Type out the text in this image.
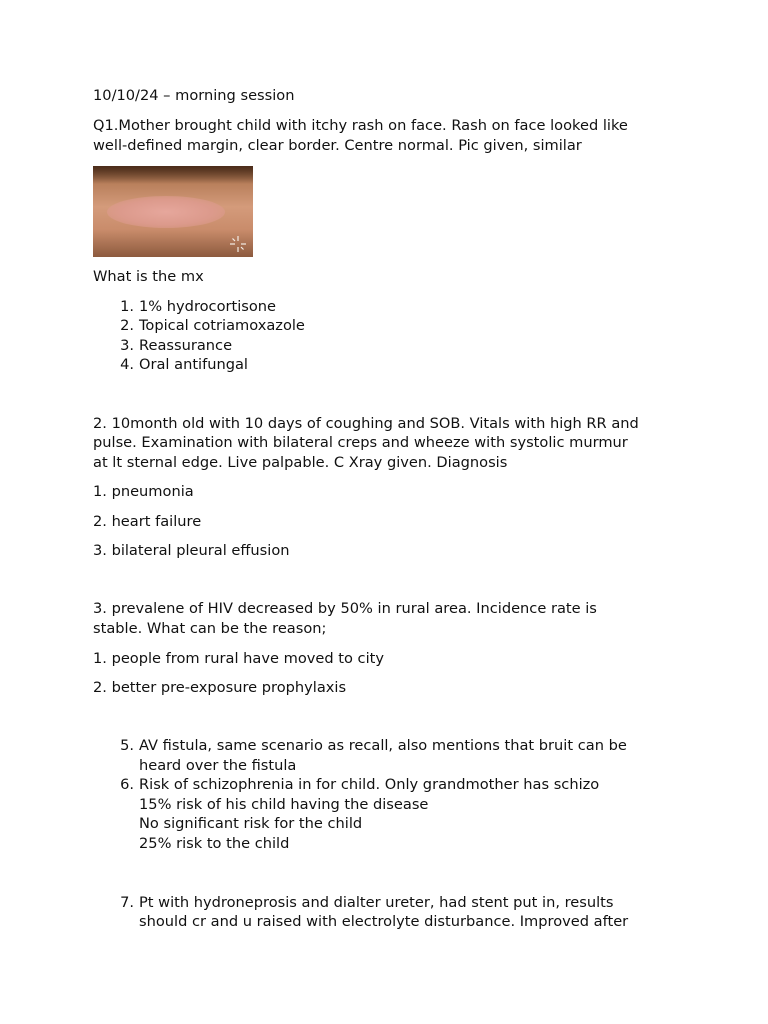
10/10/24 – morning session
Q1.Mother brought child with itchy rash on face. Rash on face looked like
well-defined margin, clear border. Centre normal. Pic given, similar
What is the mx
1. 1% hydrocortisone
2. Topical cotriamoxazole
3. Reassurance
4. Oral antifungal
2. 10month old with 10 days of coughing and SOB. Vitals with high RR and
pulse. Examination with bilateral creps and wheeze with systolic murmur
at lt sternal edge. Live palpable. C Xray given. Diagnosis
1. pneumonia
2. heart failure
3. bilateral pleural effusion
3. prevalene of HIV decreased by 50% in rural area. Incidence rate is
stable. What can be the reason;
1. people from rural have moved to city
2. better pre-exposure prophylaxis
5. AV fistula, same scenario as recall, also mentions that bruit can be
heard over the fistula
6. Risk of schizophrenia in for child. Only grandmother has schizo
15% risk of his child having the disease
No significant risk for the child
25% risk to the child
7. Pt with hydroneprosis and dialter ureter, had stent put in, results
should cr and u raised with electrolyte disturbance. Improved after
